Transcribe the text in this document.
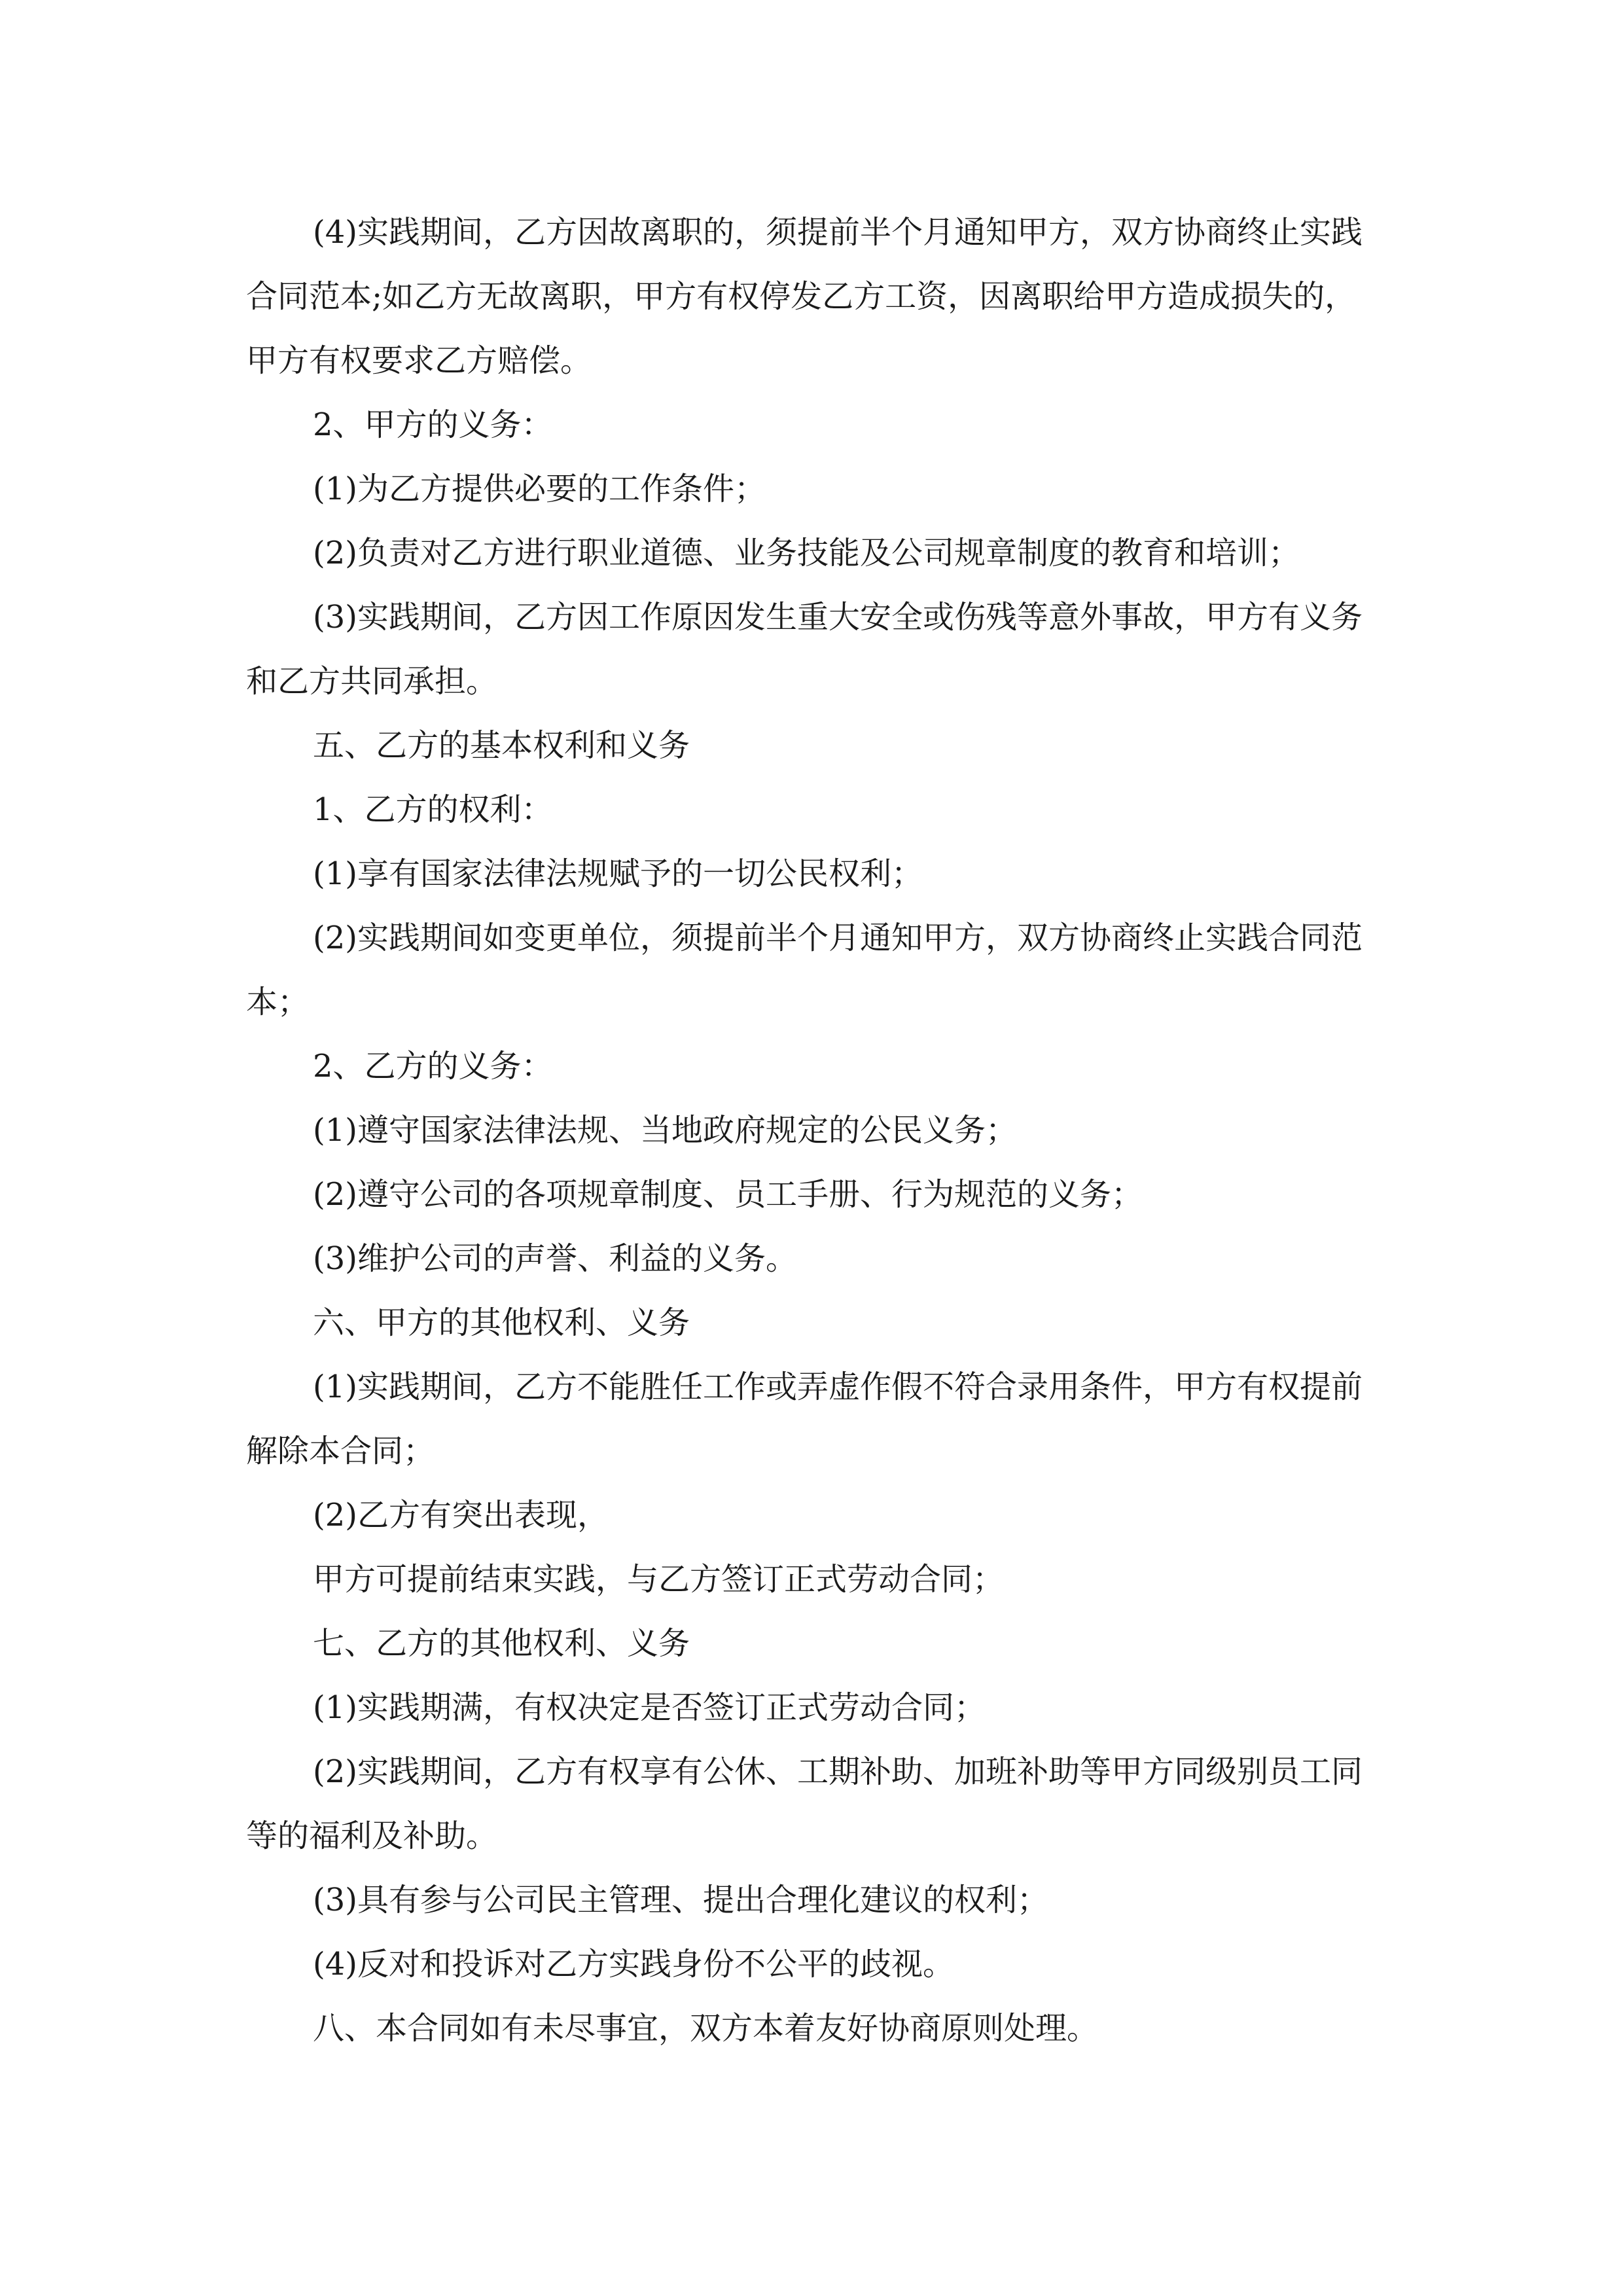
(4)实践期间，乙方因故离职的，须提前半个月通知甲方，双方协商终止实践合同范本;如乙方无故离职，甲方有权停发乙方工资，因离职给甲方造成损失的，甲方有权要求乙方赔偿。

2、甲方的义务：

(1)为乙方提供必要的工作条件；

(2)负责对乙方进行职业道德、业务技能及公司规章制度的教育和培训；

(3)实践期间，乙方因工作原因发生重大安全或伤残等意外事故，甲方有义务和乙方共同承担。

五、乙方的基本权利和义务

1、乙方的权利：

(1)享有国家法律法规赋予的一切公民权利；

(2)实践期间如变更单位，须提前半个月通知甲方，双方协商终止实践合同范本；

2、乙方的义务：

(1)遵守国家法律法规、当地政府规定的公民义务；

(2)遵守公司的各项规章制度、员工手册、行为规范的义务；

(3)维护公司的声誉、利益的义务。

六、甲方的其他权利、义务

(1)实践期间，乙方不能胜任工作或弄虚作假不符合录用条件，甲方有权提前解除本合同；

(2)乙方有突出表现，

甲方可提前结束实践，与乙方签订正式劳动合同；

七、乙方的其他权利、义务

(1)实践期满，有权决定是否签订正式劳动合同；

(2)实践期间，乙方有权享有公休、工期补助、加班补助等甲方同级别员工同等的福利及补助。

(3)具有参与公司民主管理、提出合理化建议的权利；

(4)反对和投诉对乙方实践身份不公平的歧视。

八、本合同如有未尽事宜，双方本着友好协商原则处理。
